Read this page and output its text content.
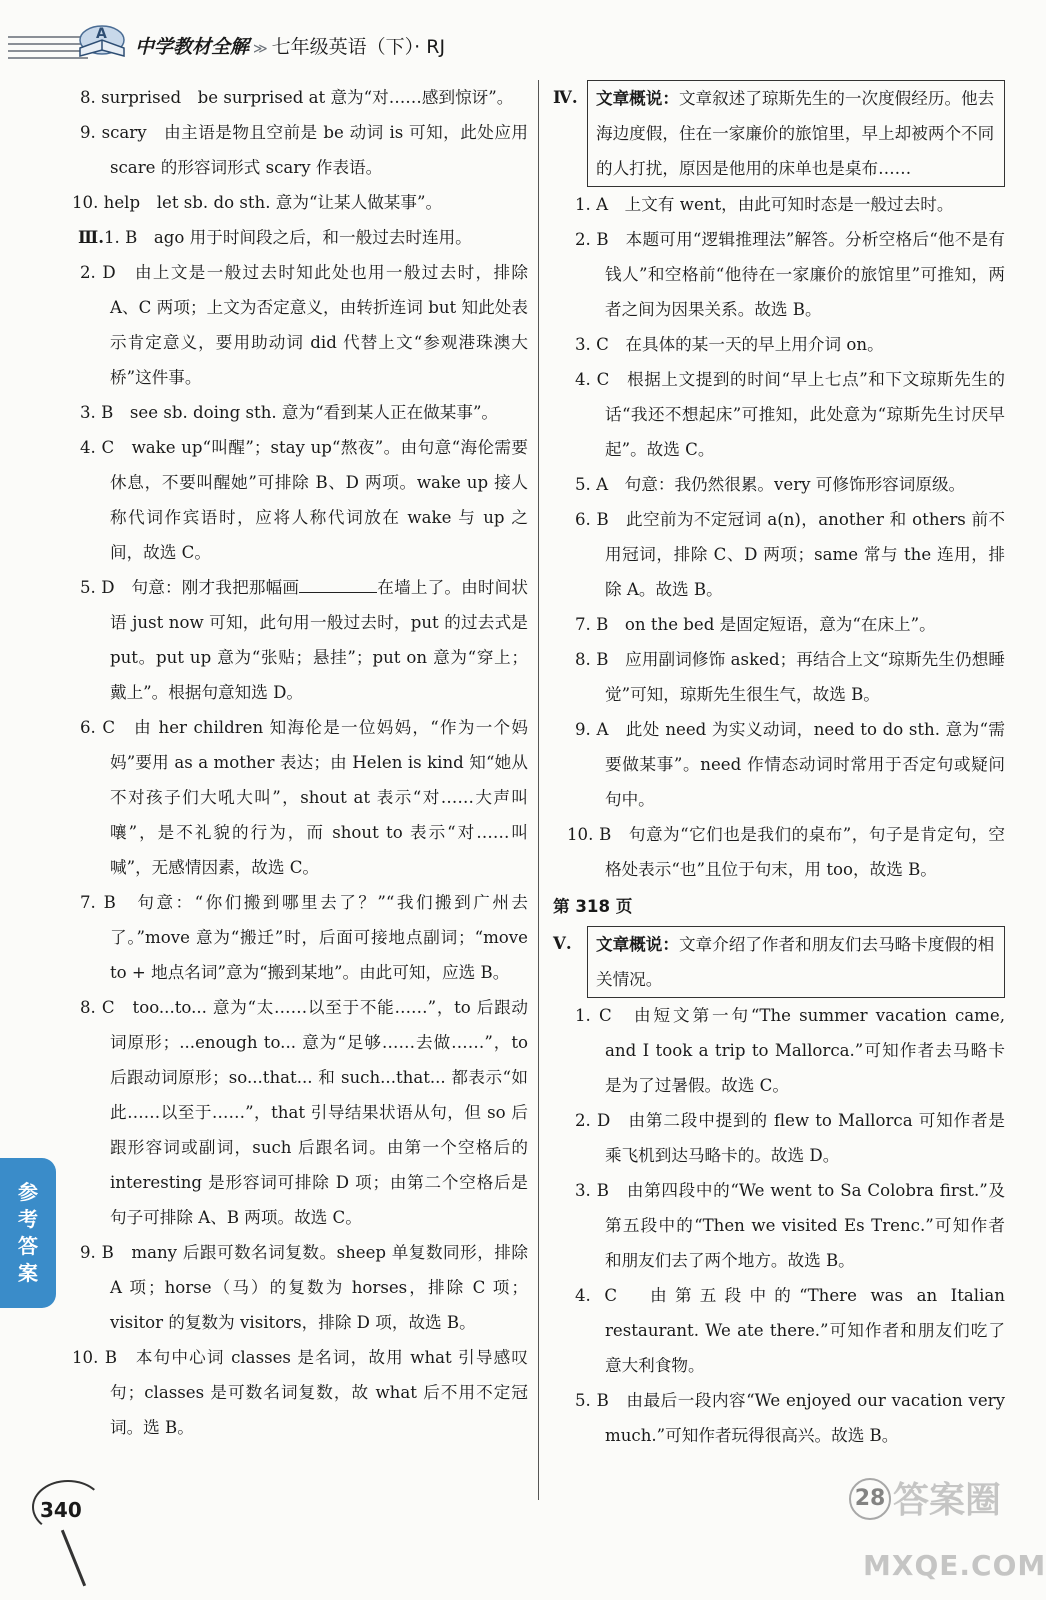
A
中学教材全解 ≫ 七年级英语（下）· RJ

8. surprised　be surprised at 意为“对……感到惊讶”。

9. scary　由主语是物且空前是 be 动词 is 可知，此处应用 scare 的形容词形式 scary 作表语。

10. help　let sb. do sth. 意为“让某人做某事”。

Ⅲ.1. B　ago 用于时间段之后，和一般过去时连用。

2. D　由上文是一般过去时知此处也用一般过去时，排除 A、C 两项；上文为否定意义，由转折连词 but 知此处表示肯定意义，要用助动词 did 代替上文“参观港珠澳大桥”这件事。

3. B　see sb. doing sth. 意为“看到某人正在做某事”。

4. C　wake up“叫醒”；stay up“熬夜”。由句意“海伦需要休息，不要叫醒她”可排除 B、D 两项。wake up 接人称代词作宾语时，应将人称代词放在 wake 与 up 之间，故选 C。

5. D　句意：刚才我把那幅画	在墙上了。由时间状语 just now 可知，此句用一般过去时，put 的过去式是 put。put up 意为“张贴；悬挂”；put on 意为“穿上；戴上”。根据句意知选 D。

6. C　由 her children 知海伦是一位妈妈，“作为一个妈妈”要用 as a mother 表达；由 Helen is kind 知“她从不对孩子们大吼大叫”，shout at 表示“对……大声叫嚷”，是不礼貌的行为，而 shout to 表示“对……叫喊”，无感情因素，故选 C。

7. B　句意：“你们搬到哪里去了？”“我们搬到广州去了。”move 意为“搬迁”时，后面可接地点副词；“move to + 地点名词”意为“搬到某地”。由此可知，应选 B。

8. C　too...to... 意为“太……以至于不能……”，to 后跟动词原形；...enough to... 意为“足够……去做……”，to 后跟动词原形；so...that... 和 such...that... 都表示“如此……以至于……”，that 引导结果状语从句，但 so 后跟形容词或副词，such 后跟名词。由第一个空格后的 interesting 是形容词可排除 D 项；由第二个空格后是句子可排除 A、B 两项。故选 C。

9. B　many 后跟可数名词复数。sheep 单复数同形，排除 A 项；horse（马）的复数为 horses，排除 C 项；visitor 的复数为 visitors，排除 D 项，故选 B。

10. B　本句中心词 classes 是名词，故用 what 引导感叹句；classes 是可数名词复数，故 what 后不用不定冠词。选 B。

Ⅳ.	文章概说：文章叙述了琼斯先生的一次度假经历。他去海边度假，住在一家廉价的旅馆里，早上却被两个不同的人打扰，原因是他用的床单也是桌布……

1. A　上文有 went，由此可知时态是一般过去时。

2. B　本题可用“逻辑推理法”解答。分析空格后“他不是有钱人”和空格前“他待在一家廉价的旅馆里”可推知，两者之间为因果关系。故选 B。

3. C　在具体的某一天的早上用介词 on。

4. C　根据上文提到的时间“早上七点”和下文琼斯先生的话“我还不想起床”可推知，此处意为“琼斯先生讨厌早起”。故选 C。

5. A　句意：我仍然很累。very 可修饰形容词原级。

6. B　此空前为不定冠词 a(n)，another 和 others 前不用冠词，排除 C、D 两项；same 常与 the 连用，排除 A。故选 B。

7. B　on the bed 是固定短语，意为“在床上”。

8. B　应用副词修饰 asked；再结合上文“琼斯先生仍想睡觉”可知，琼斯先生很生气，故选 B。

9. A　此处 need 为实义动词，need to do sth. 意为“需要做某事”。need 作情态动词时常用于否定句或疑问句中。

10. B　句意为“它们也是我们的桌布”，句子是肯定句，空格处表示“也”且位于句末，用 too，故选 B。

第 318 页

Ⅴ.	文章概说：文章介绍了作者和朋友们去马略卡度假的相关情况。

1. C　由短文第一句“The summer vacation came, and I took a trip to Mallorca.”可知作者去马略卡是为了过暑假。故选 C。

2. D　由第二段中提到的 flew to Mallorca 可知作者是乘飞机到达马略卡的。故选 D。

3. B　由第四段中的“We went to Sa Colobra first.”及第五段中的“Then we visited Es Trenc.”可知作者和朋友们去了两个地方。故选 B。

4. C　由第五段中的“There was an Italian restaurant. We ate there.”可知作者和朋友们吃了意大利食物。

5. B　由最后一段内容“We enjoyed our vacation very much.”可知作者玩得很高兴。故选 B。

参
考
答
案
340	答案圈
28
MXQE.COM
